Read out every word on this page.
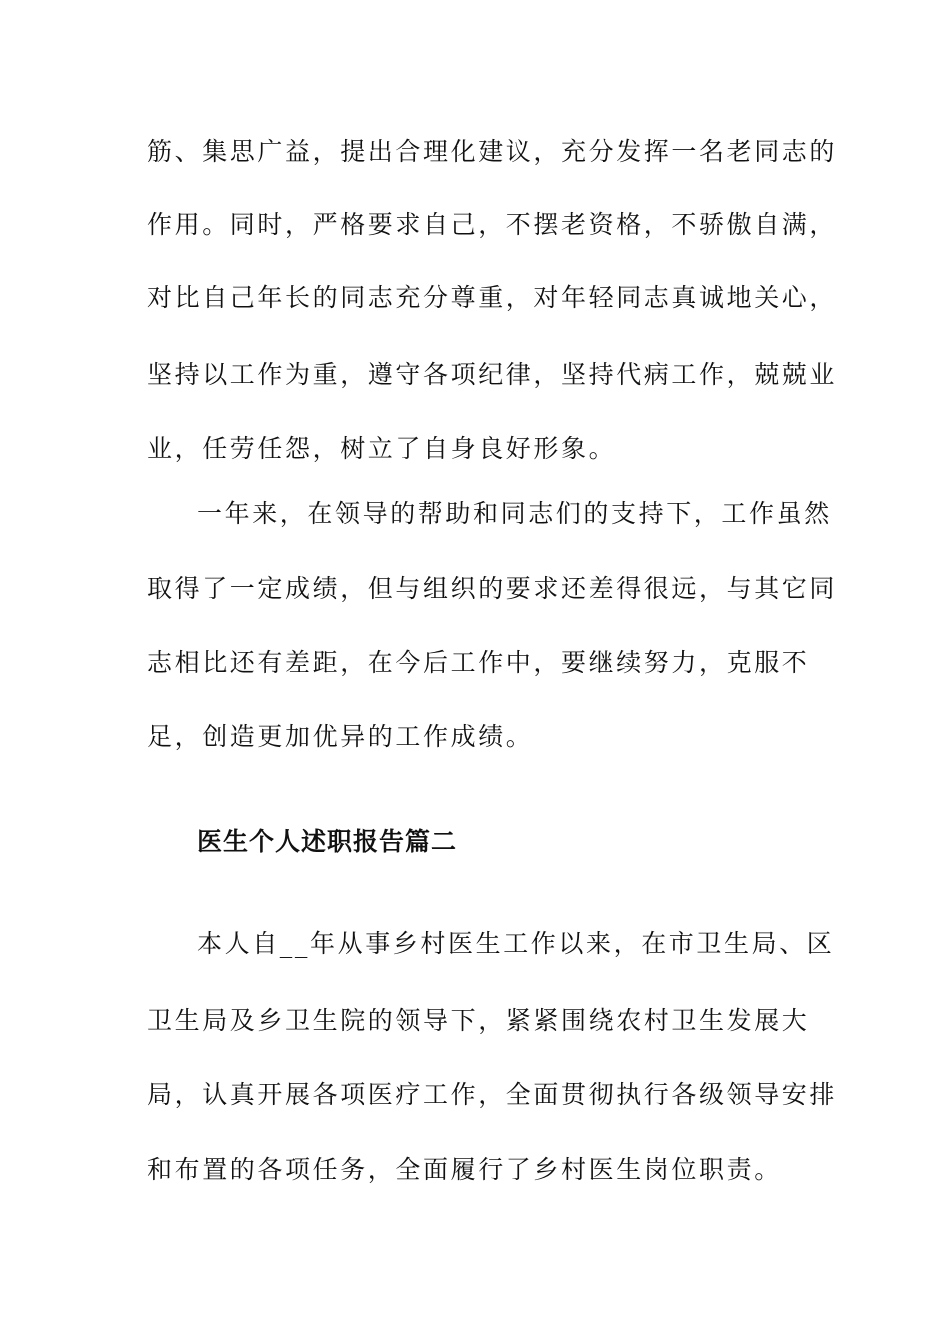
筋、集思广益，提出合理化建议，充分发挥一名老同志的
作用。同时，严格要求自己，不摆老资格，不骄傲自满，
对比自己年长的同志充分尊重，对年轻同志真诚地关心，
坚持以工作为重，遵守各项纪律，坚持代病工作，兢兢业
业，任劳任怨，树立了自身良好形象。
一年来，在领导的帮助和同志们的支持下，工作虽然
取得了一定成绩，但与组织的要求还差得很远，与其它同
志相比还有差距，在今后工作中，要继续努力，克服不
足，创造更加优异的工作成绩。
医生个人述职报告篇二
本人自__年从事乡村医生工作以来，在市卫生局、区
卫生局及乡卫生院的领导下，紧紧围绕农村卫生发展大
局，认真开展各项医疗工作，全面贯彻执行各级领导安排
和布置的各项任务，全面履行了乡村医生岗位职责。
